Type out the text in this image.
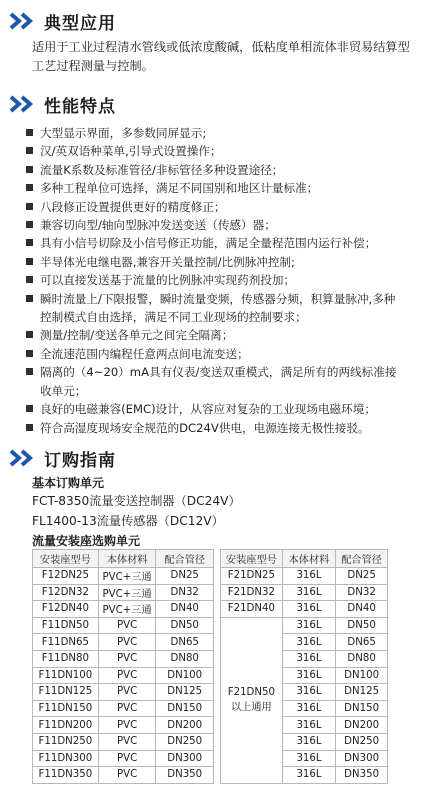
典型应用
适用于工业过程清水管线或低浓度酸碱，低粘度单相流体非贸易结算型
工艺过程测量与控制。
性能特点
大型显示界面，多参数同屏显示;
汉/英双语种菜单,引导式设置操作；
流量K系数及标准管径/非标管径多种设置途径；
多种工程单位可选择，满足不同国别和地区计量标准；
八段修正设置提供更好的精度修正；
兼容切向型/轴向型脉冲发送变送（传感）器；
具有小信号切除及小信号修正功能，满足全量程范围内运行补偿；
半导体光电继电器,兼容开关量控制/比例脉冲控制;
可以直接发送基于流量的比例脉冲实现药剂投加；
瞬时流量上/下限报警，瞬时流量变频，传感器分频，积算量脉冲,多种
控制模式自由选择，满足不同工业现场的控制要求；
测量/控制/变送各单元之间完全隔离；
全流速范围内编程任意两点间电流变送；
隔离的（4~20）mA具有仪表/变送双重模式，满足所有的两线标准接
收单元；
良好的电磁兼容(EMC)设计，从容应对复杂的工业现场电磁环境；
符合高湿度现场安全规范的DC24V供电，电源连接无极性接驳。
订购指南
基本订购单元
FCT-8350流量变送控制器（DC24V）
FL1400-13流量传感器（DC12V）
流量安装座选购单元
安装座型号	本体材料	配合管径
F12DN25	PVC+三通	DN25
F12DN32	PVC+三通	DN32
F12DN40	PVC+三通	DN40
F11DN50	PVC	DN50
F11DN65	PVC	DN65
F11DN80	PVC	DN80
F11DN100	PVC	DN100
F11DN125	PVC	DN125
F11DN150	PVC	DN150
F11DN200	PVC	DN200
F11DN250	PVC	DN250
F11DN300	PVC	DN300
F11DN350	PVC	DN350
安装座型号	本体材料	配合管径
F21DN25	316L	DN25
F21DN32	316L	DN32
F21DN40	316L	DN40

F21DN50
以上通用	316L	DN50
	316L	DN65
	316L	DN80
	316L	DN100
	316L	DN125
	316L	DN150
	316L	DN200
	316L	DN250
	316L	DN300
	316L	DN350
